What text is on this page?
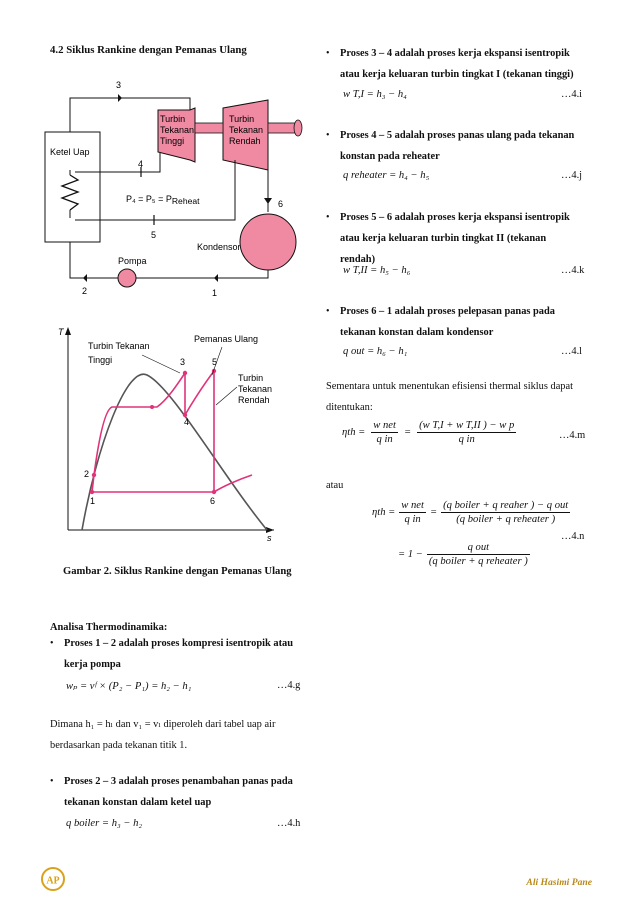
4.2 Siklus Rankine dengan Pemanas Ulang
Ketel Uap
3
Turbin
Tekanan
Tinggi
Turbin
Tekanan
Rendah
4
5
P₄ = P₅ = PReheat	6
Kondensor
1
Pompa
2
T
s
1
2
3
4
5
6
Turbin Tekanan
Tinggi
Pemanas Ulang
Turbin
Tekanan
Rendah
Gambar 2. Siklus Rankine dengan Pemanas Ulang
Analisa Thermodinamika:
• Proses 1 – 2 adalah proses kompresi isentropik atau
kerja pompa
wₚ = vᶠ × (P₂ − P₁) = h₂ − h₁	…4.g
Dimana h₁ = hₗ dan v₁ = vₗ diperoleh dari tabel uap air
berdasarkan pada tekanan titik 1.
• Proses 2 – 3 adalah proses penambahan panas pada
tekanan konstan dalam ketel uap
q boiler = h₃ − h₂	…4.h
• Proses 3 – 4 adalah proses kerja ekspansi isentropik
atau kerja keluaran turbin tingkat I (tekanan tinggi)
w T,I = h₃ − h₄	…4.i
• Proses 4 – 5 adalah proses panas ulang pada tekanan
konstan pada reheater
q reheater = h₄ − h₅	…4.j
• Proses 5 – 6 adalah proses kerja ekspansi isentropik
atau kerja keluaran turbin tingkat II (tekanan
rendah)
w T,II = h₅ − h₆	…4.k
• Proses 6 – 1 adalah proses pelepasan panas pada
tekanan konstan dalam kondensor
q out = h₆ − h₁	…4.l
Sementara untuk menentukan efisiensi thermal siklus dapat
ditentukan:
$\eta th = \frac{\text{w net}}{\text{q in}} = \frac{\text{(w T,I + w T,II ) − w p}}{\text{q in}}$	…4.m
atau
$\eta th = \frac{\text{w net}}{\text{q in}} = \frac{\text{(q boiler + q reaher ) − q out}}{\text{(q boiler + q reheater )}}$
…4.n
= $1 - \frac{\text{q out}}{\text{(q boiler + q reheater )}}$
AP	Ali Hasimi Pane
